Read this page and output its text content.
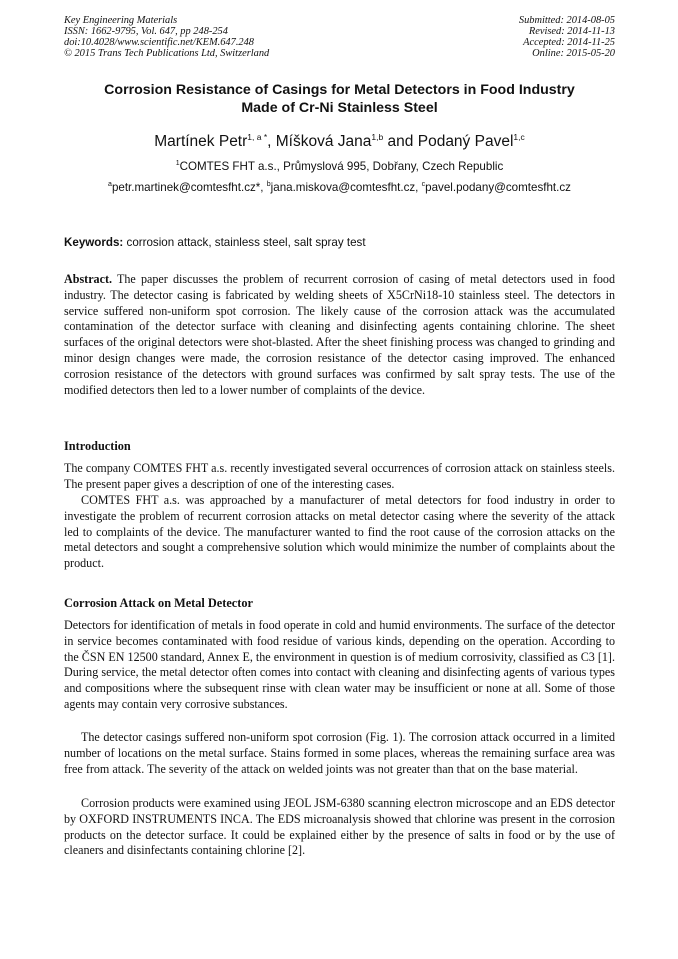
Key Engineering Materials
ISSN: 1662-9795, Vol. 647, pp 248-254
doi:10.4028/www.scientific.net/KEM.647.248
© 2015 Trans Tech Publications Ltd, Switzerland
Submitted: 2014-08-05
Revised: 2014-11-13
Accepted: 2014-11-25
Online: 2015-05-20
Corrosion Resistance of Casings for Metal Detectors in Food Industry
Made of Cr-Ni Stainless Steel
Martínek Petr$^{1, a *}$, Míšková Jana$^{1,b}$ and Podaný Pavel$^{1,c}$
$^1$COMTES FHT a.s., Průmyslová 995, Dobřany, Czech Republic
$^a$petr.martinek@comtesfht.cz*, $^b$jana.miskova@comtesfht.cz, $^c$pavel.podany@comtesfht.cz
Keywords: corrosion attack, stainless steel, salt spray test

Abstract. The paper discusses the problem of recurrent corrosion of casing of metal detectors used in food industry. The detector casing is fabricated by welding sheets of X5CrNi18-10 stainless steel. The detectors in service suffered non-uniform spot corrosion. The likely cause of the corrosion attack was the accumulated contamination of the detector surface with cleaning and disinfecting agents containing chlorine. The sheet surfaces of the original detectors were shot-blasted. After the sheet finishing process was changed to grinding and minor design changes were made, the corrosion resistance of the detector casing improved. The enhanced corrosion resistance of the detectors with ground surfaces was confirmed by salt spray tests. The use of the modified detectors then led to a lower number of complaints of the device.

Introduction

The company COMTES FHT a.s. recently investigated several occurrences of corrosion attack on stainless steels. The present paper gives a description of one of the interesting cases.

COMTES FHT a.s. was approached by a manufacturer of metal detectors for food industry in order to investigate the problem of recurrent corrosion attacks on metal detector casing where the severity of the attack led to complaints of the device. The manufacturer wanted to find the root cause of the corrosion attacks on the metal detectors and sought a comprehensive solution which would minimize the number of complaints about the product.

Corrosion Attack on Metal Detector

Detectors for identification of metals in food operate in cold and humid environments. The surface of the detector in service becomes contaminated with food residue of various kinds, depending on the operation. According to the ČSN EN 12500 standard, Annex E, the environment in question is of medium corrosivity, classified as C3 [1]. During service, the metal detector often comes into contact with cleaning and disinfecting agents of various types and compositions where the subsequent rinse with clean water may be insufficient or none at all. Some of those agents may contain very corrosive substances.

The detector casings suffered non-uniform spot corrosion (Fig. 1). The corrosion attack occurred in a limited number of locations on the metal surface. Stains formed in some places, whereas the remaining surface area was free from attack. The severity of the attack on welded joints was not greater than that on the base material.

Corrosion products were examined using JEOL JSM-6380 scanning electron microscope and an EDS detector by OXFORD INSTRUMENTS INCA. The EDS microanalysis showed that chlorine was present in the corrosion products on the detector surface. It could be explained either by the presence of salts in food or by the use of cleaners and disinfectants containing chlorine [2].
